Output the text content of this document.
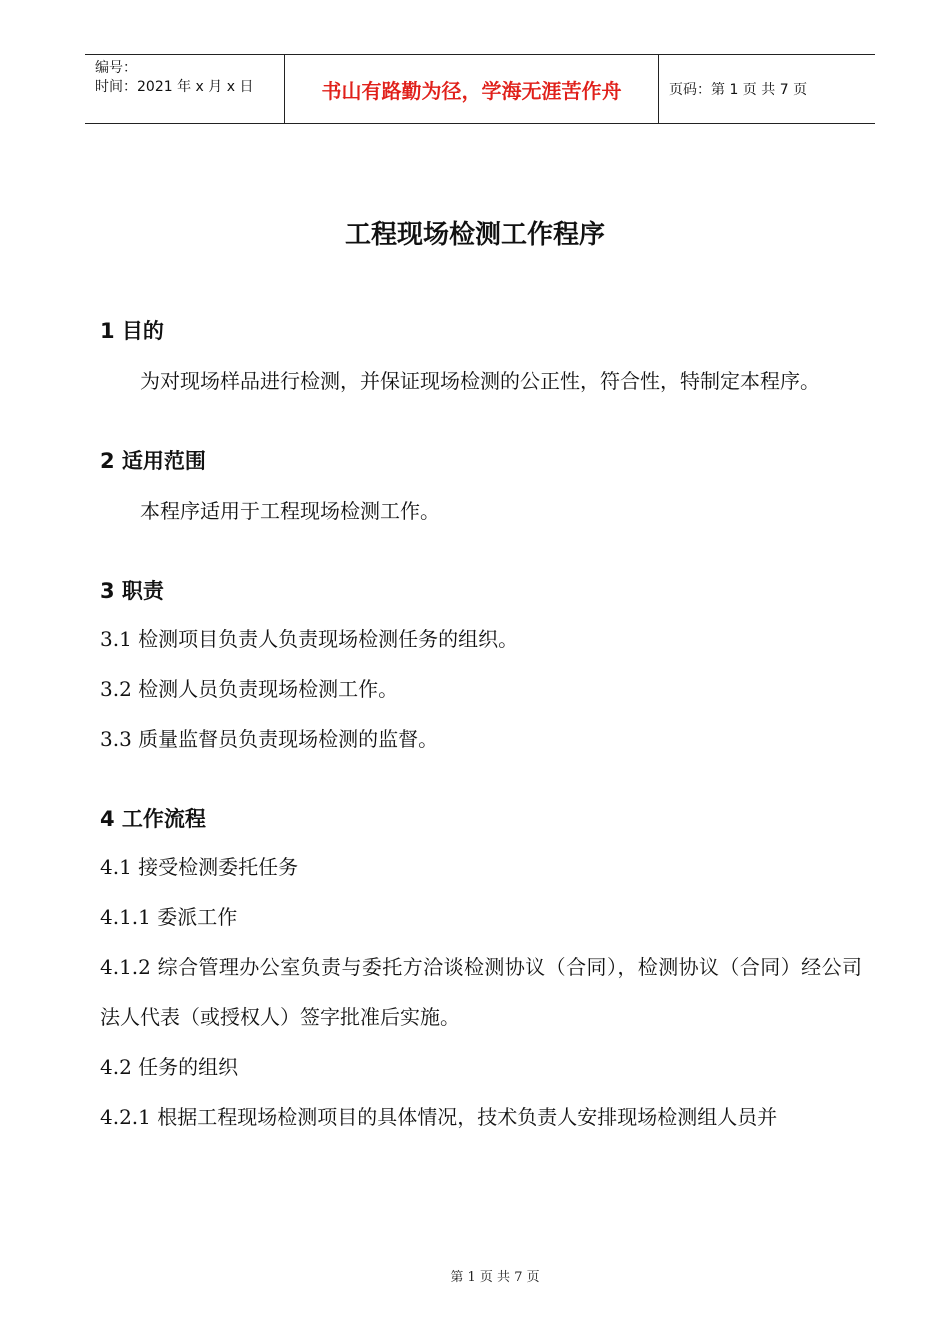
编号：
时间：2021 年 x 月 x 日	书山有路勤为径，学海无涯苦作舟	页码：第 1 页 共 7 页
工程现场检测工作程序
1 目的

为对现场样品进行检测，并保证现场检测的公正性，符合性，特制定本程序。

2 适用范围

本程序适用于工程现场检测工作。

3 职责

3.1 检测项目负责人负责现场检测任务的组织。

3.2 检测人员负责现场检测工作。

3.3 质量监督员负责现场检测的监督。

4 工作流程

4.1 接受检测委托任务

4.1.1 委派工作

4.1.2 综合管理办公室负责与委托方洽谈检测协议（合同），检测协议（合同）经公司法人代表（或授权人）签字批准后实施。

4.2 任务的组织

4.2.1 根据工程现场检测项目的具体情况，技术负责人安排现场检测组人员并

第 1 页 共 7 页
